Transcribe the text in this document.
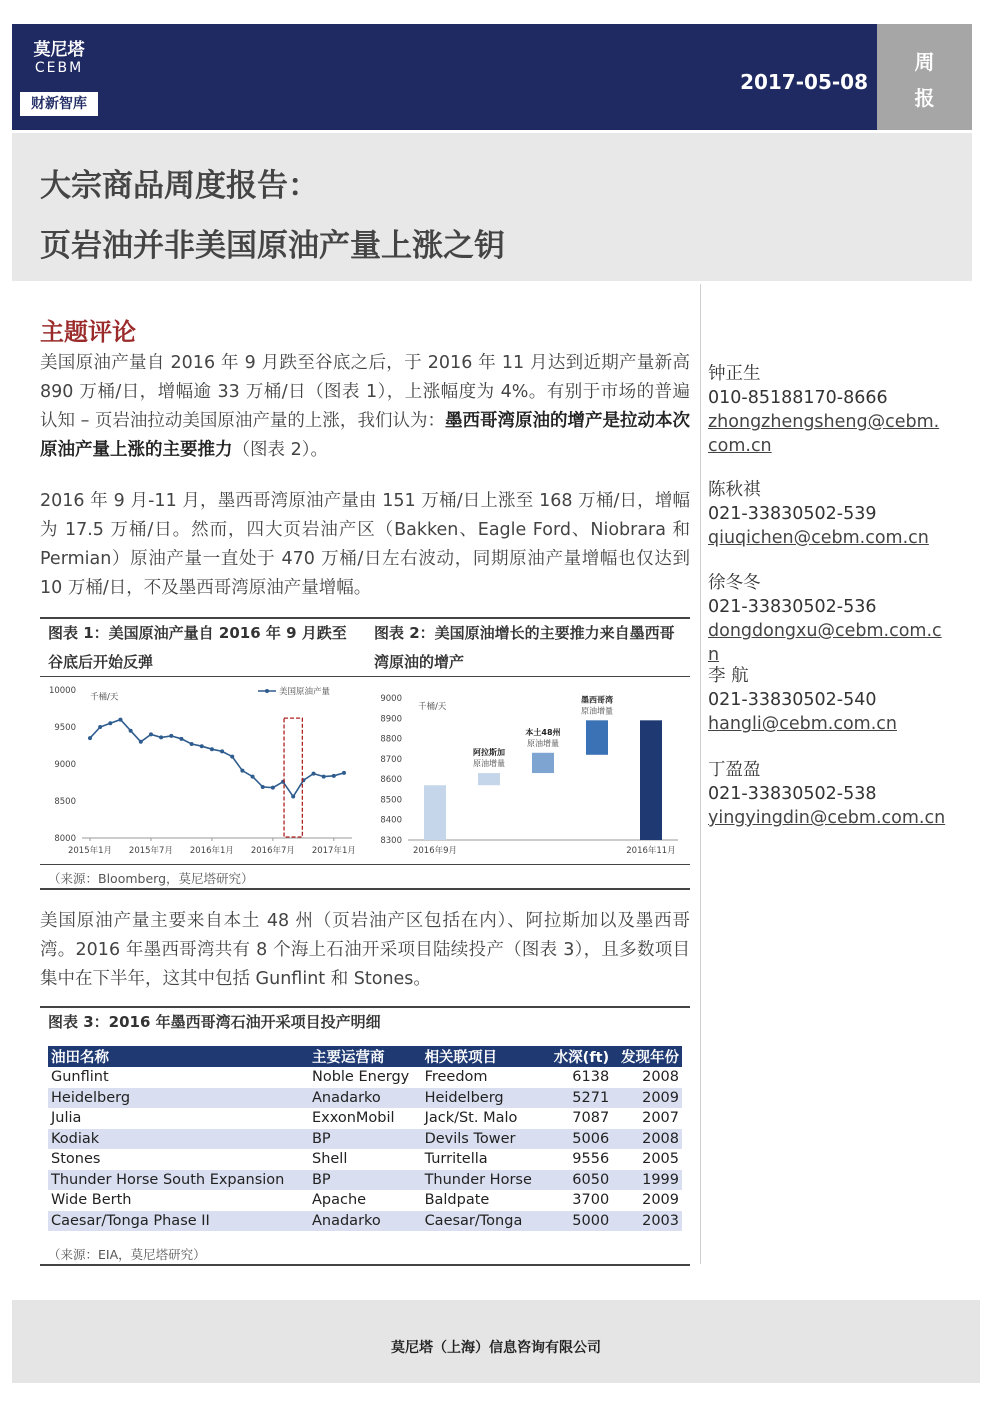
周
报
莫尼塔
CEBM
财新智库
2017-05-08
大宗商品周度报告：
页岩油并非美国原油产量上涨之钥
主题评论
美国原油产量自 2016 年 9 月跌至谷底之后，于 2016 年 11 月达到近期产量新高 890 万桶/日，增幅逾 33 万桶/日（图表 1），上涨幅度为 4%。有别于市场的普遍认知 – 页岩油拉动美国原油产量的上涨，我们认为：墨西哥湾原油的增产是拉动本次原油产量上涨的主要推力（图表 2）。
2016 年 9 月-11 月，墨西哥湾原油产量由 151 万桶/日上涨至 168 万桶/日，增幅为 17.5 万桶/日。然而，四大页岩油产区（Bakken、Eagle Ford、Niobrara 和 Permian）原油产量一直处于 470 万桶/日左右波动，同期原油产量增幅也仅达到 10 万桶/日，不及墨西哥湾原油产量增幅。
钟正生
010-85188170-8666
zhongzhengsheng@cebm.com.cn
陈秋祺
021-33830502-539
qiuqichen@cebm.com.cn
徐冬冬
021-33830502-536
dongdongxu@cebm.com.cn
李 航
021-33830502-540
hangli@cebm.com.cn
丁盈盈
021-33830502-538
yingyingdin@cebm.com.cn
图表 1：美国原油产量自 2016 年 9 月跌至谷底后开始反弹
图表 2：美国原油增长的主要推力来自墨西哥湾原油的增产
8000
8500
9000
9500
10000
2015年1月 2015年7月 2016年1月 2016年7月 2017年1月
千桶/天
美国原油产量
8300
8400
8500
8600
8700
8800
8900
9000
千桶/天
2016年9月
阿拉斯加
原油增量
本土48州
原油增量
墨西哥湾
原油增量
2016年11月
（来源：Bloomberg，莫尼塔研究）
美国原油产量主要来自本土 48 州（页岩油产区包括在内）、阿拉斯加以及墨西哥湾。2016 年墨西哥湾共有 8 个海上石油开采项目陆续投产（图表 3），且多数项目集中在下半年，这其中包括 Gunflint 和 Stones。
图表 3：2016 年墨西哥湾石油开采项目投产明细
油田名称	主要运营商	相关联项目	水深(ft)	发现年份
Gunflint	Noble Energy	Freedom	6138	2008
Heidelberg	Anadarko	Heidelberg	5271	2009
Julia	ExxonMobil	Jack/St. Malo	7087	2007
Kodiak	BP	Devils Tower	5006	2008
Stones	Shell	Turritella	9556	2005
Thunder Horse South Expansion	BP	Thunder Horse	6050	1999
Wide Berth	Apache	Baldpate	3700	2009
Caesar/Tonga Phase II	Anadarko	Caesar/Tonga	5000	2003
（来源：EIA，莫尼塔研究）
莫尼塔（上海）信息咨询有限公司
